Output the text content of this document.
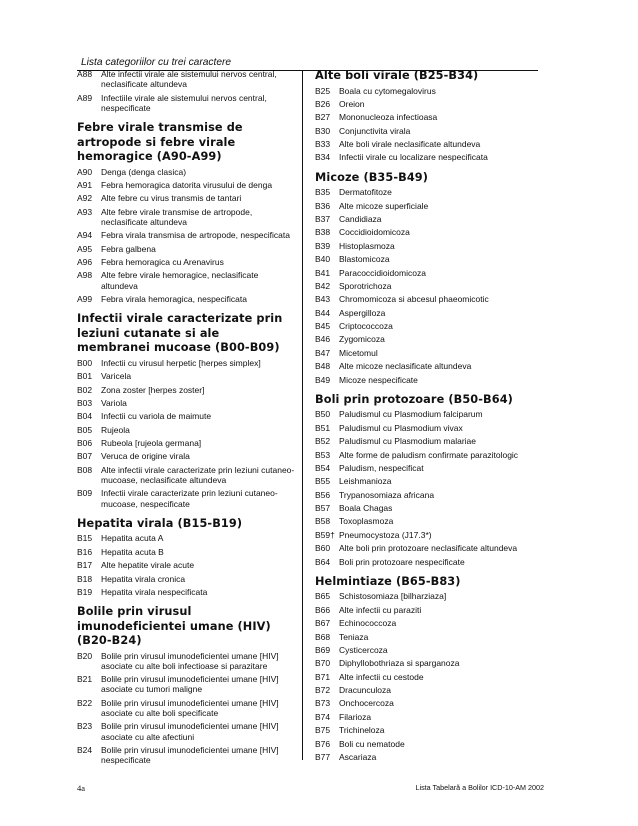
Lista categoriilor cu trei caractere
A88	Alte infectii virale ale sistemului nervos central, neclasificate altundeva
A89	Infectiile virale ale sistemului nervos central, nespecificate
Febre virale transmise de artropode si febre virale hemoragice (A90-A99)
A90	Denga (denga clasica)
A91	Febra hemoragica datorita virusului de denga
A92	Alte febre cu virus transmis de tantari
A93	Alte febre virale transmise de artropode, neclasificate altundeva
A94	Febra virala transmisa de artropode, nespecificata
A95	Febra galbena
A96	Febra hemoragica cu Arenavirus
A98	Alte febre virale hemoragice, neclasificate altundeva
A99	Febra virala hemoragica, nespecificata
Infectii virale caracterizate prin leziuni cutanate si ale membranei mucoase (B00-B09)
B00	Infectii cu virusul herpetic [herpes simplex]
B01	Varicela
B02	Zona zoster [herpes zoster]
B03	Variola
B04	Infectii cu variola de maimute
B05	Rujeola
B06	Rubeola [rujeola germana]
B07	Veruca de origine virala
B08	Alte infectii virale caracterizate prin leziuni cutaneo-mucoase, neclasificate altundeva
B09	Infectii virale caracterizate prin leziuni cutaneo-mucoase, nespecificate
Hepatita virala (B15-B19)
B15	Hepatita acuta A
B16	Hepatita acuta B
B17	Alte hepatite virale acute
B18	Hepatita virala cronica
B19	Hepatita virala nespecificata
Bolile prin virusul imunodeficientei umane (HIV) (B20-B24)
B20	Bolile prin virusul imunodeficientei umane [HIV] asociate cu alte boli infectioase si parazitare
B21	Bolile prin virusul imunodeficientei umane [HIV] asociate cu tumori maligne
B22	Bolile prin virusul imunodeficientei umane [HIV] asociate cu alte boli specificate
B23	Bolile prin virusul imunodeficientei umane [HIV] asociate cu alte afectiuni
B24	Bolile prin virusul imunodeficientei umane [HIV] nespecificate
Alte boli virale (B25-B34)
B25	Boala cu cytomegalovirus
B26	Oreion
B27	Mononucleoza infectioasa
B30	Conjunctivita virala
B33	Alte boli virale neclasificate altundeva
B34	Infectii virale cu localizare nespecificata
Micoze (B35-B49)
B35	Dermatofitoze
B36	Alte micoze superficiale
B37	Candidiaza
B38	Coccidioidomicoza
B39	Histoplasmoza
B40	Blastomicoza
B41	Paracoccidioidomicoza
B42	Sporotrichoza
B43	Chromomicoza si abcesul phaeomicotic
B44	Aspergilloza
B45	Criptococcoza
B46	Zygomicoza
B47	Micetomul
B48	Alte micoze neclasificate altundeva
B49	Micoze nespecificate
Boli prin protozoare (B50-B64)
B50	Paludismul cu Plasmodium falciparum
B51	Paludismul cu Plasmodium vivax
B52	Paludismul cu Plasmodium malariae
B53	Alte forme de paludism confirmate parazitologic
B54	Paludism, nespecificat
B55	Leishmanioza
B56	Trypanosomiaza africana
B57	Boala Chagas
B58	Toxoplasmoza
B59† Pneumocystoza (J17.3*)
B60	Alte boli prin protozoare neclasificate altundeva
B64	Boli prin protozoare nespecificate
Helmintiaze (B65-B83)
B65	Schistosomiaza [bilharziaza]
B66	Alte infectii cu paraziti
B67	Echinococcoza
B68	Teniaza
B69	Cysticercoza
B70	Diphyllobothriaza si sparganoza
B71	Alte infectii cu cestode
B72	Dracunculoza
B73	Onchocercoza
B74	Filarioza
B75	Trichineloza
B76	Boli cu nematode
B77	Ascariaza
4a	Lista Tabelară a Bolilor ICD-10-AM 2002
